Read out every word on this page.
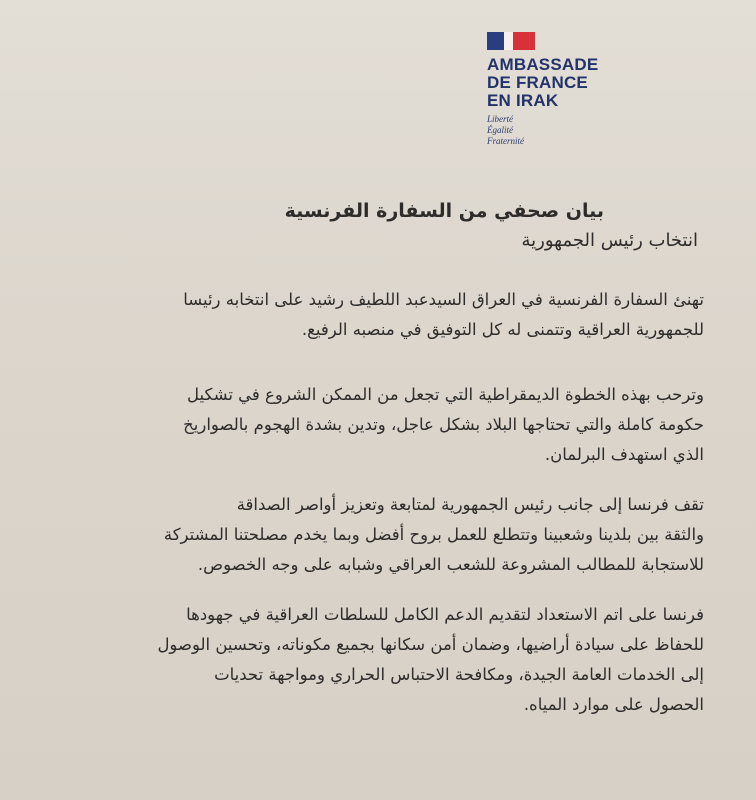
AMBASSADE
DE FRANCE
EN IRAK
Liberté
Égalité
Fraternité
بيان صحفي من السفارة الفرنسية
انتخاب رئيس الجمهورية
تهنئ السفارة الفرنسية في العراق السيدعبد اللطيف رشيد على انتخابه رئيسا
للجمهورية العراقية وتتمنى له كل التوفيق في منصبه الرفيع.
وترحب بهذه الخطوة الديمقراطية التي تجعل من الممكن الشروع في تشكيل
حكومة كاملة والتي تحتاجها البلاد بشكل عاجل، وتدين بشدة الهجوم بالصواريخ
الذي استهدف البرلمان.
تقف فرنسا إلى جانب رئيس الجمهورية لمتابعة وتعزيز أواصر الصداقة
والثقة بين بلدينا وشعبينا وتتطلع للعمل بروح أفضل وبما يخدم مصلحتنا المشتركة
للاستجابة للمطالب المشروعة للشعب العراقي وشبابه على وجه الخصوص.
فرنسا على اتم الاستعداد لتقديم الدعم الكامل للسلطات العراقية في جهودها
للحفاظ على سيادة أراضيها، وضمان أمن سكانها بجميع مكوناته، وتحسين الوصول
إلى الخدمات العامة الجيدة، ومكافحة الاحتباس الحراري ومواجهة تحديات
الحصول على موارد المياه.
